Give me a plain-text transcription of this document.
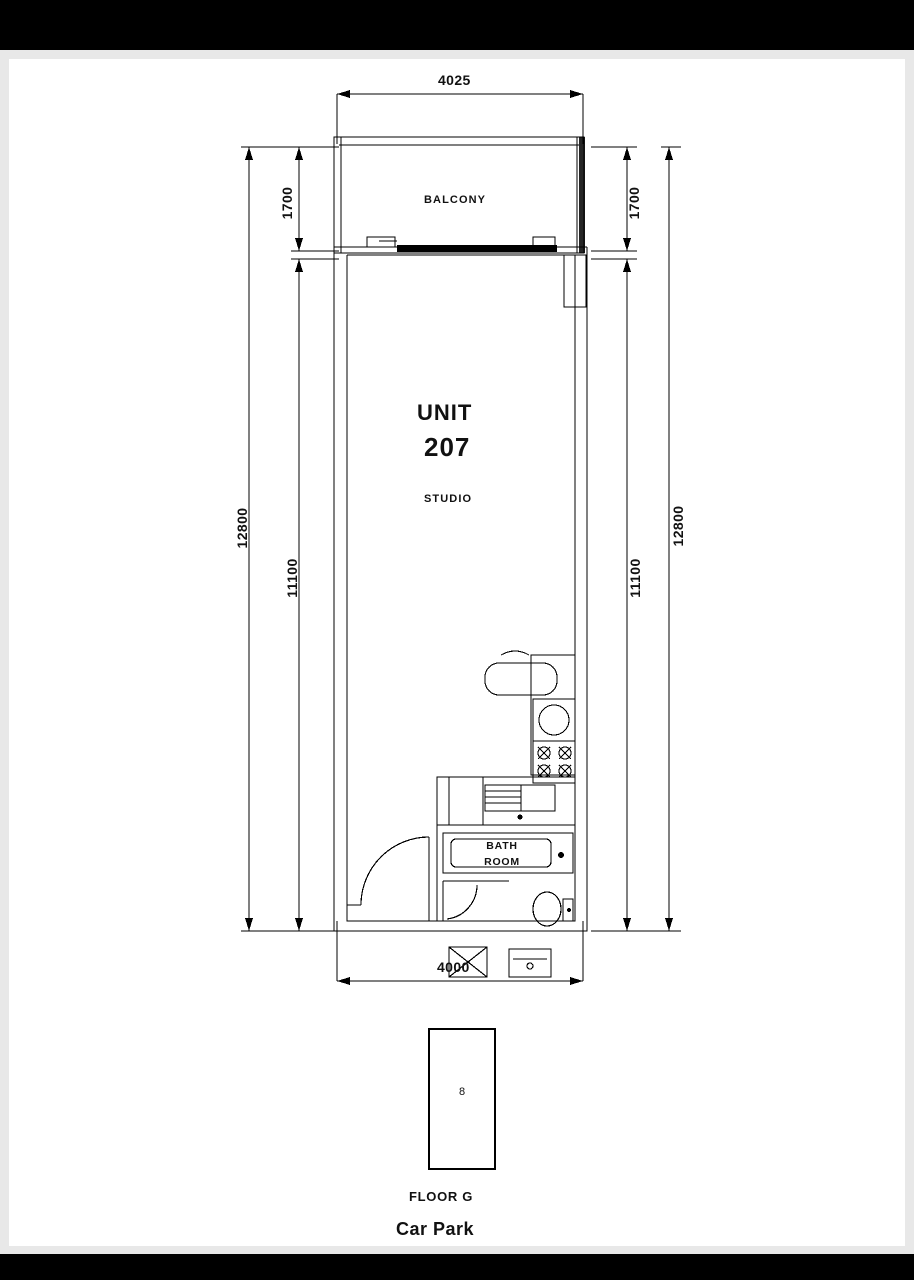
4025
4000
12800
11100
1700	1700
11100
12800
BALCONY
UNIT
207
STUDIO
BATH
ROOM
8
FLOOR G
Car Park
